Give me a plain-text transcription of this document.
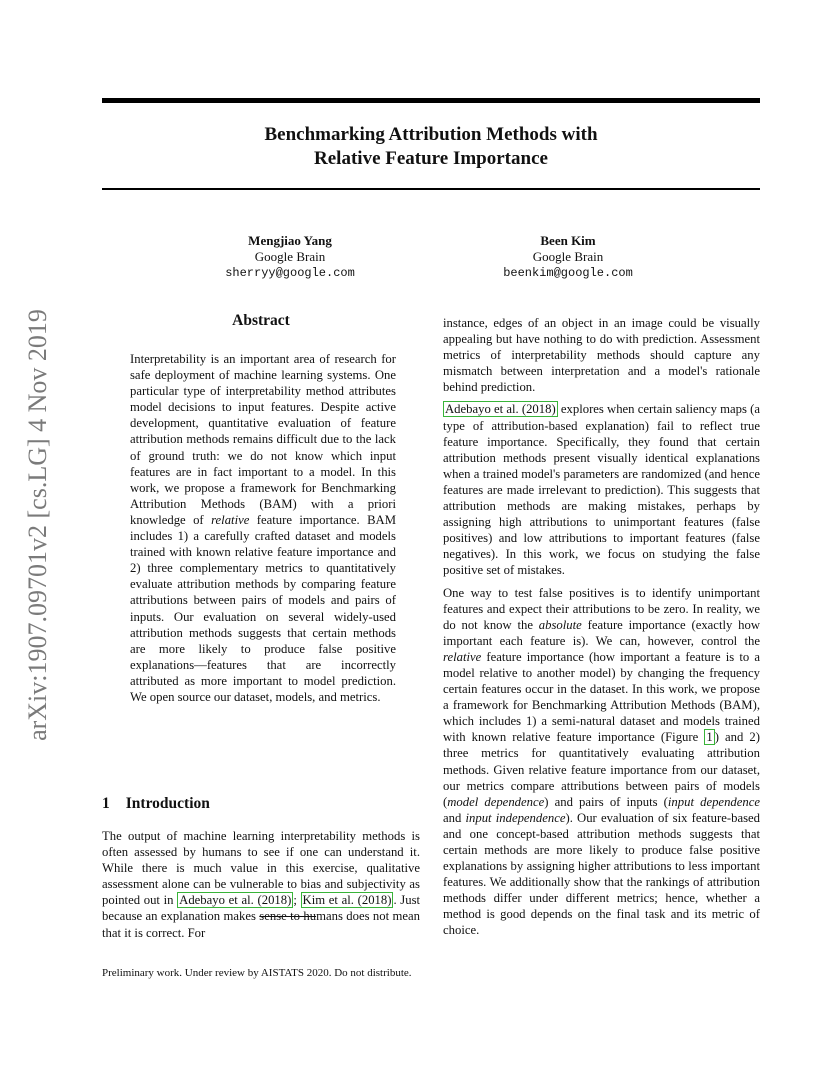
Benchmarking Attribution Methods with
Relative Feature Importance
Mengjiao Yang
Google Brain
sherryy@google.com
Been Kim
Google Brain
beenkim@google.com
arXiv:1907.09701v2 [cs.LG] 4 Nov 2019	Abstract
Interpretability is an important area of research for safe deployment of machine learning systems. One particular type of interpretability method attributes model decisions to input features. Despite active development, quantitative evaluation of feature attribution methods remains difficult due to the lack of ground truth: we do not know which input features are in fact important to a model. In this work, we propose a framework for Benchmarking Attribution Methods (BAM) with a priori knowledge of relative feature importance. BAM includes 1) a carefully crafted dataset and models trained with known relative feature importance and 2) three complementary metrics to quantitatively evaluate attribution methods by comparing feature attributions between pairs of models and pairs of inputs. Our evaluation on several widely-used attribution methods suggests that certain methods are more likely to produce false positive explanations—features that are incorrectly attributed as more important to model prediction. We open source our dataset, models, and metrics.
1 Introduction
The output of machine learning interpretability methods is often assessed by humans to see if one can understand it. While there is much value in this exercise, qualitative assessment alone can be vulnerable to bias and subjectivity as pointed out in Adebayo et al. (2018) ; Kim et al. (2018) . Just because an explanation makes sense to humans does not mean that it is correct. For
Preliminary work. Under review by AISTATS 2020. Do not distribute.

instance, edges of an object in an image could be visually appealing but have nothing to do with prediction. Assessment metrics of interpretability methods should capture any mismatch between interpretation and a model's rationale behind prediction.

Adebayo et al. (2018) explores when certain saliency maps (a type of attribution-based explanation) fail to reflect true feature importance. Specifically, they found that certain attribution methods present visually identical explanations when a trained model's parameters are randomized (and hence features are made irrelevant to prediction). This suggests that attribution methods are making mistakes, perhaps by assigning high attributions to unimportant features (false positives) and low attributions to important features (false negatives). In this work, we focus on studying the false positive set of mistakes.

One way to test false positives is to identify unimportant features and expect their attributions to be zero. In reality, we do not know the absolute feature importance (exactly how important each feature is). We can, however, control the relative feature importance (how important a feature is to a model relative to another model) by changing the frequency certain features occur in the dataset. In this work, we propose a framework for Benchmarking Attribution Methods (BAM), which includes 1) a semi-natural dataset and models trained with known relative feature importance (Figure 1 ) and 2) three metrics for quantitatively evaluating attribution methods. Given relative feature importance from our dataset, our metrics compare attributions between pairs of models (model dependence) and pairs of inputs (input dependence and input independence). Our evaluation of six feature-based and one concept-based attribution methods suggests that certain methods are more likely to produce false positive explanations by assigning higher attributions to less important features. We additionally show that the rankings of attribution methods differ under different metrics; hence, whether a method is good depends on the final task and its metric of choice.
